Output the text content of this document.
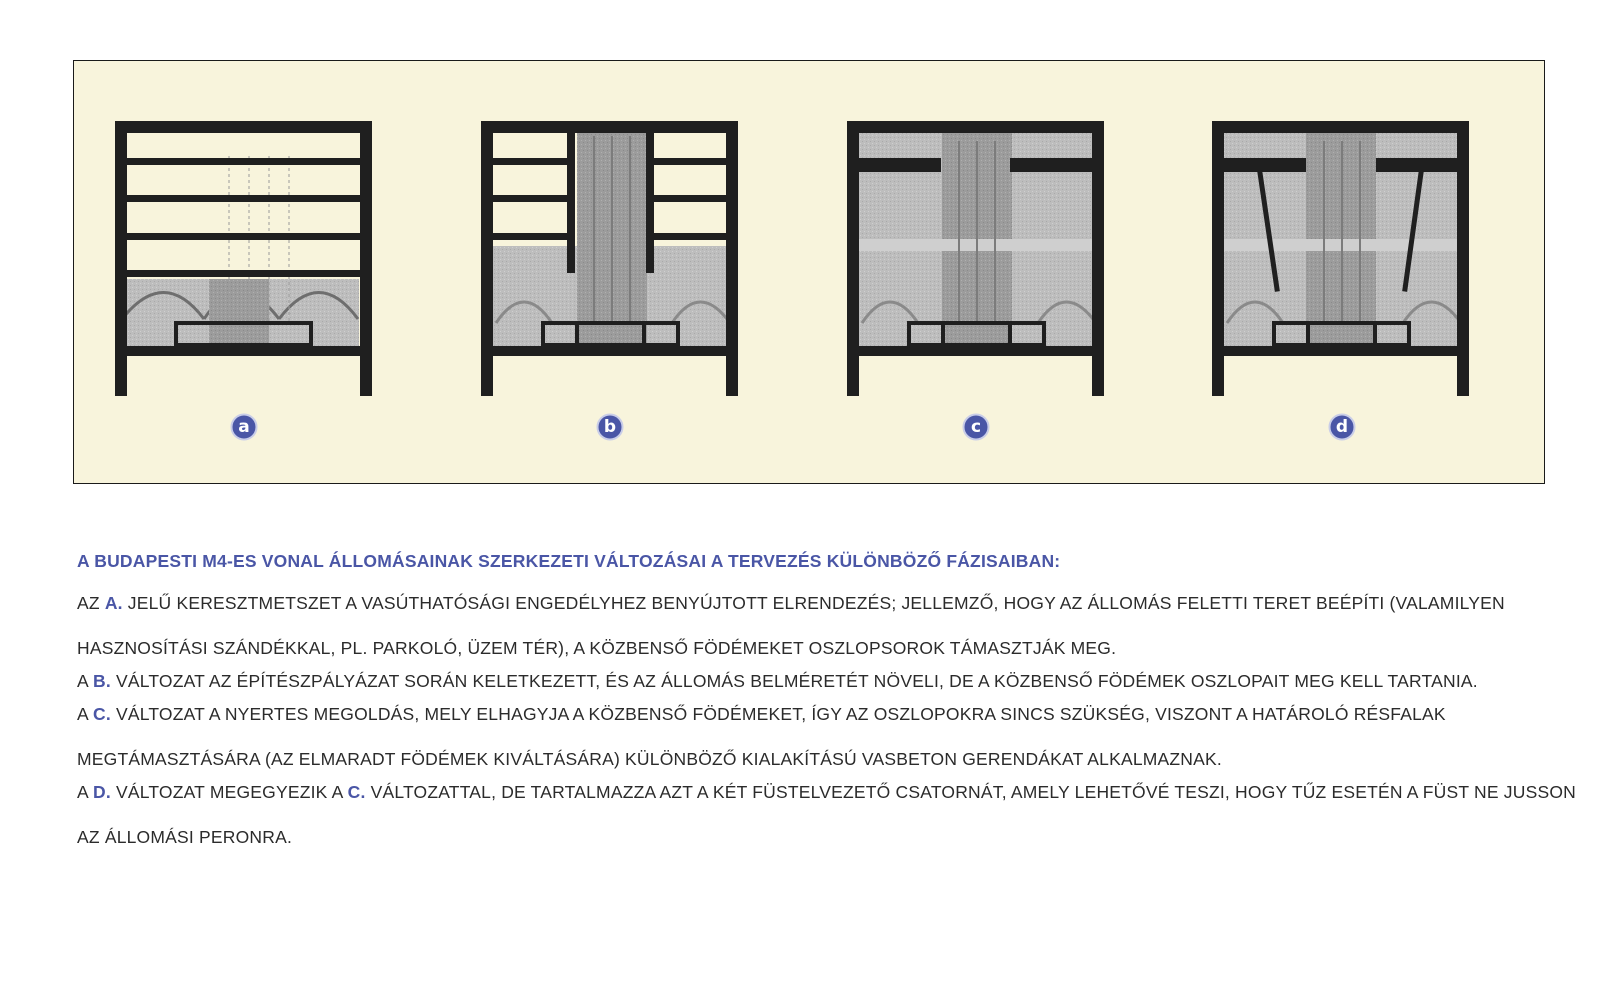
a	b	c	d
A BUDAPESTI M4-ES VONAL ÁLLOMÁSAINAK SZERKEZETI VÁLTOZÁSAI A TERVEZÉS KÜLÖNBÖZŐ FÁZISAIBAN:
AZ A. JELŰ KERESZTMETSZET A VASÚTHATÓSÁGI ENGEDÉLYHEZ BENYÚJTOTT ELRENDEZÉS; JELLEMZŐ, HOGY AZ ÁLLOMÁS FELETTI TERET BEÉPÍTI (VALAMILYEN HASZNOSÍTÁSI SZÁNDÉKKAL, PL. PARKOLÓ, ÜZEM TÉR), A KÖZBENSŐ FÖDÉMEKET OSZLOPSOROK TÁMASZTJÁK MEG.
A B. VÁLTOZAT AZ ÉPÍTÉSZPÁLYÁZAT SORÁN KELETKEZETT, ÉS AZ ÁLLOMÁS BELMÉRETÉT NÖVELI, DE A KÖZBENSŐ FÖDÉMEK OSZLOPAIT MEG KELL TARTANIA.
A C. VÁLTOZAT A NYERTES MEGOLDÁS, MELY ELHAGYJA A KÖZBENSŐ FÖDÉMEKET, ÍGY AZ OSZLOPOKRA SINCS SZÜKSÉG, VISZONT A HATÁROLÓ RÉSFALAK MEGTÁMASZTÁSÁRA (AZ ELMARADT FÖDÉMEK KIVÁLTÁSÁRA) KÜLÖNBÖZŐ KIALAKÍTÁSÚ VASBETON GERENDÁKAT ALKALMAZNAK.
A D. VÁLTOZAT MEGEGYEZIK A C. VÁLTOZATTAL, DE TARTALMAZZA AZT A KÉT FÜSTELVEZETŐ CSATORNÁT, AMELY LEHETŐVÉ TESZI, HOGY TŰZ ESETÉN A FÜST NE JUSSON AZ ÁLLOMÁSI PERONRA.
